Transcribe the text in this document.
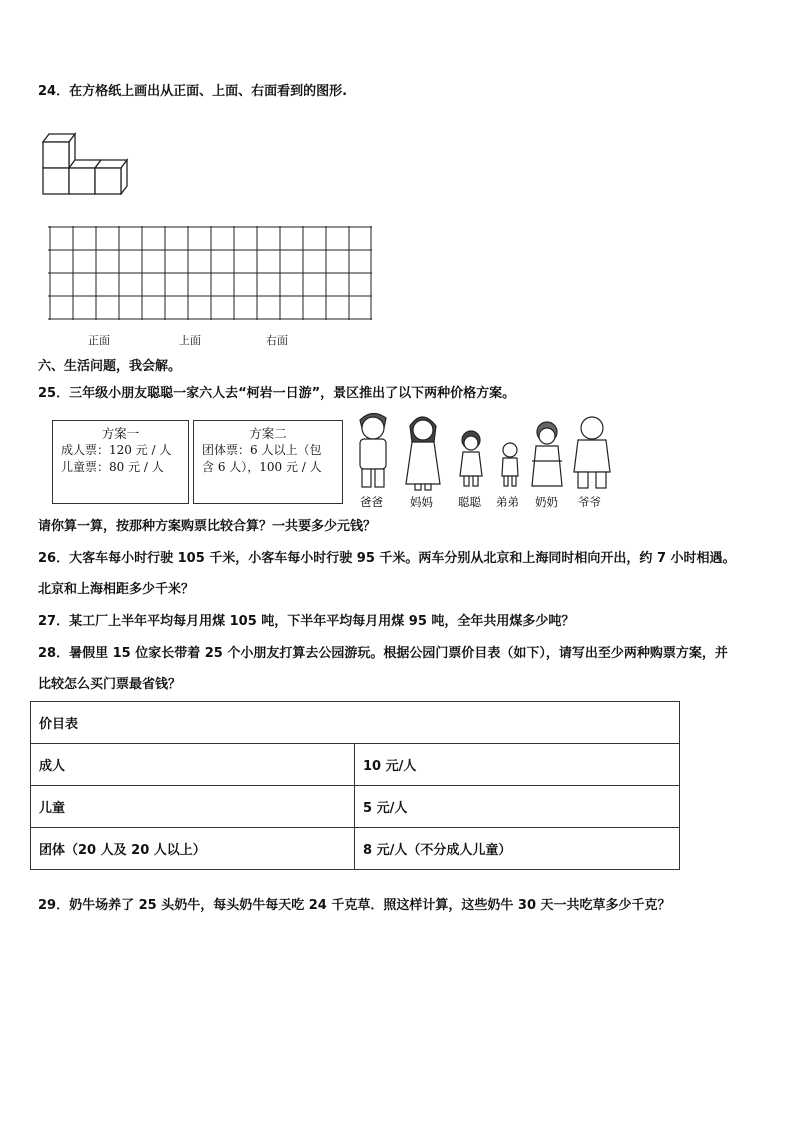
24．在方格纸上画出从正面、上面、右面看到的图形.
正面	上面	右面
六、生活问题，我会解。
25．三年级小朋友聪聪一家六人去“柯岩一日游”，景区推出了以下两种价格方案。
方案一
成人票：120 元 / 人
儿童票：80 元 / 人
方案二
团体票：6 人以上（包
含 6 人），100 元 / 人
爸爸 妈妈 聪聪 弟弟 奶奶 爷爷
请你算一算，按那种方案购票比较合算？一共要多少元钱？
26．大客车每小时行驶 105 千米，小客车每小时行驶 95 千米。两车分别从北京和上海同时相向开出，约 7 小时相遇。
北京和上海相距多少千米？
27．某工厂上半年平均每月用煤 105 吨，下半年平均每月用煤 95 吨，全年共用煤多少吨？
28．暑假里 15 位家长带着 25 个小朋友打算去公园游玩。根据公园门票价目表（如下），请写出至少两种购票方案，并
比较怎么买门票最省钱？
价目表	
成人	10 元/人
儿童	5 元/人
团体（20 人及 20 人以上）	8 元/人（不分成人儿童）
29．奶牛场养了 25 头奶牛，每头奶牛每天吃 24 千克草．照这样计算，这些奶牛 30 天一共吃草多少千克？
